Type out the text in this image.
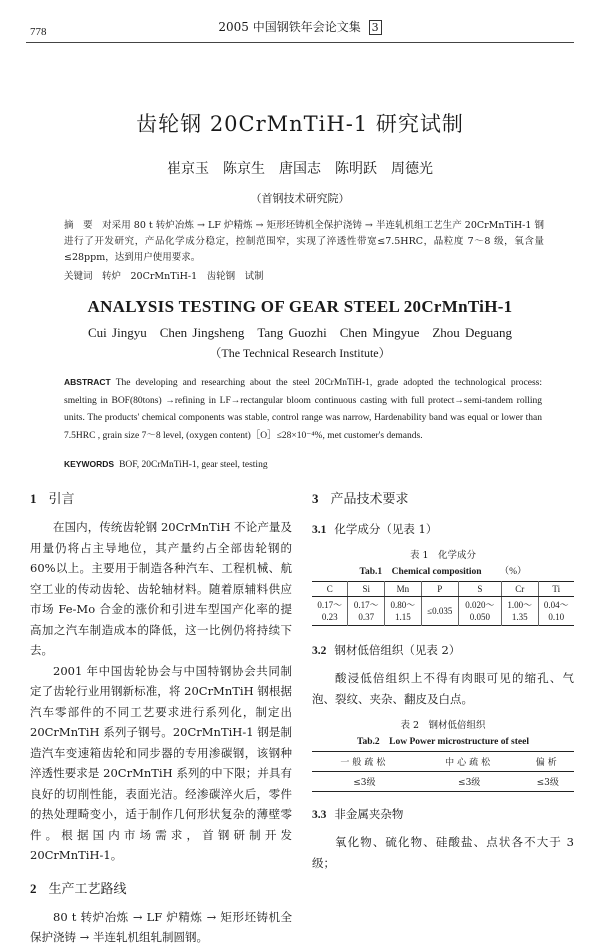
778	2005 中国钢铁年会论文集 3
齿轮钢 20CrMnTiH-1 研究试制
崔京玉　陈京生　唐国志　陈明跃　周德光
（首钢技术研究院）
摘　要　对采用 80 t 转炉冶炼 → LF 炉精炼 → 矩形坯铸机全保护浇铸 → 半连轧机组工艺生产 20CrMnTiH-1 钢进行了开发研究，产品化学成分稳定，控制范围窄，实现了淬透性带宽≤7.5HRC，晶粒度 7～8 级，氧含量≤28ppm，达到用户使用要求。
关键词　转炉　20CrMnTiH-1　齿轮钢　试制
ANALYSIS TESTING OF GEAR STEEL 20CrMnTiH-1
Cui Jingyu　Chen Jingsheng　Tang Guozhi　Chen Mingyue　Zhou Deguang
（The Technical Research Institute）
ABSTRACT The developing and researching about the steel 20CrMnTiH-1, grade adopted the technological process: smelting in BOF(80tons) →refining in LF→rectangular bloom continuous casting with full protect→semi-tandem rolling units. The products' chemical components was stable, control range was narrow, Hardenability band was equal or lower than 7.5HRC , grain size 7～8 level, (oxygen content)［O］≤28×10⁻⁴%, met customer's demands.
KEYWORDS BOF, 20CrMnTiH-1, gear steel, testing
1 引言

在国内，传统齿轮钢 20CrMnTiH 不论产量及用量仍将占主导地位，其产量约占全部齿轮钢的 60%以上。主要用于制造各种汽车、工程机械、航空工业的传动齿轮、齿轮轴材料。随着原辅料供应市场 Fe-Mo 合金的涨价和引进车型国产化率的提高加之汽车制造成本的降低，这一比例仍将持续下去。

2001 年中国齿轮协会与中国特钢协会共同制定了齿轮行业用钢新标准，将 20CrMnTiH 钢根据汽车零部件的不同工艺要求进行系列化，制定出 20CrMnTiH 系列子钢号。20CrMnTiH-1 钢是制造汽车变速箱齿轮和同步器的专用渗碳钢，该钢种淬透性要求是 20CrMnTiH 系列的中下限；并具有良好的切削性能，表面光洁。经渗碳淬火后，零件的热处理畸变小，适于制作几何形状复杂的薄壁零件。根据国内市场需求，首钢研制开发 20CrMnTiH-1。

2 生产工艺路线

80 t 转炉冶炼 → LF 炉精炼 → 矩形坯铸机全保护浇铸 → 半连轧机组轧制圆钢。

3 产品技术要求
3.1 化学成分（见表 1）

表 1　化学成分

Tab.1　Chemical composition （%）

C	Si	Mn	P	S	Cr	Ti
0.17～
0.23	0.17～
0.37	0.80～
1.15	≤0.035	0.020～
0.050	1.00～
1.35	0.04～
0.10
3.2 钢材低倍组织（见表 2）

酸浸低倍组织上不得有肉眼可见的缩孔、气泡、裂纹、夹杂、翻皮及白点。

表 2　钢材低倍组织

Tab.2　Low Power microstructure of steel

一般疏松	中心疏松	偏析
≤3级	≤3级	≤3级
3.3 非金属夹杂物

氧化物、硫化物、硅酸盐、点状各不大于 3 级；
